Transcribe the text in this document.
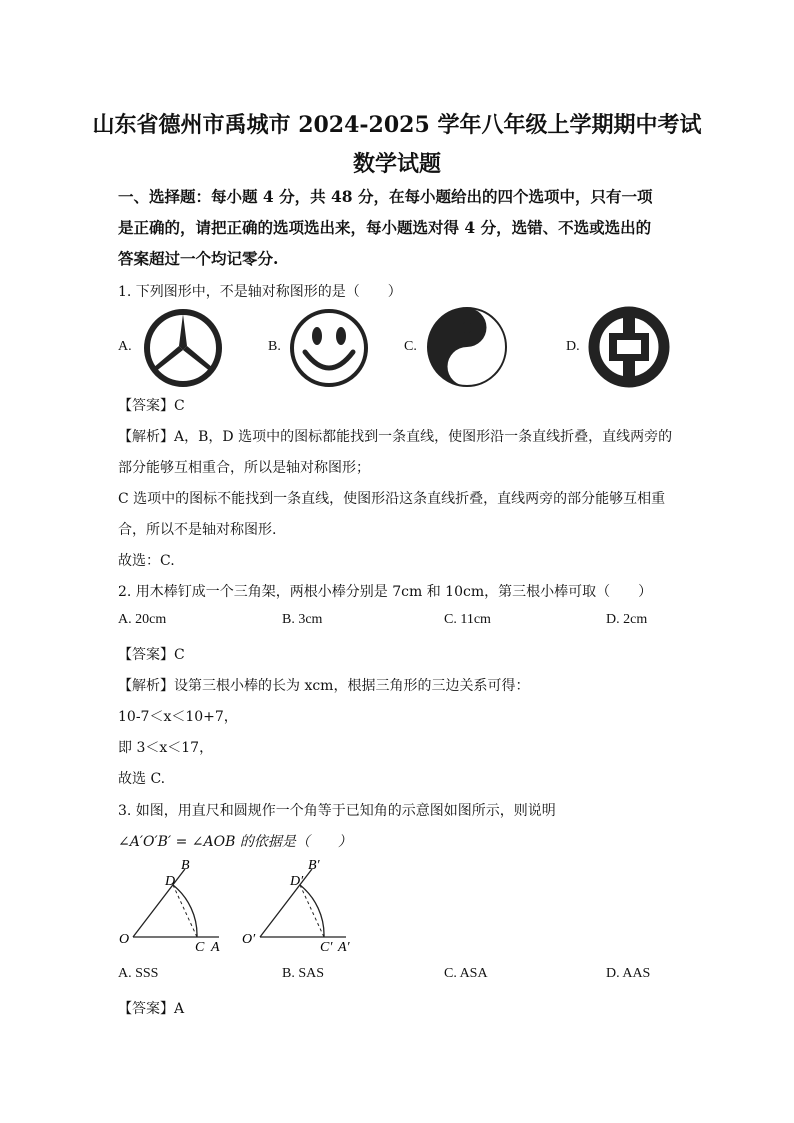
山东省德州市禹城市 2024-2025 学年八年级上学期期中考试
数学试题
一、选择题：每小题 4 分，共 48 分，在每小题给出的四个选项中，只有一项
是正确的，请把正确的选项选出来，每小题选对得 4 分，选错、不选或选出的
答案超过一个均记零分.
1. 下列图形中，不是轴对称图形的是（　　）
A.	B.	C.	D.
【答案】C
【解析】A，B，D 选项中的图标都能找到一条直线，使图形沿一条直线折叠，直线两旁的
部分能够互相重合，所以是轴对称图形；
C 选项中的图标不能找到一条直线，使图形沿这条直线折叠，直线两旁的部分能够互相重
合，所以不是轴对称图形.
故选：C.
2. 用木棒钉成一个三角架，两根小棒分别是 7cm 和 10cm，第三根小棒可取（　　）
A. 20cm	B. 3cm	C. 11cm	D. 2cm
【答案】C
【解析】设第三根小棒的长为 xcm，根据三角形的三边关系可得：
10-7＜x＜10+7，
即 3＜x＜17，
故选 C.
3. 如图，用直尺和圆规作一个角等于已知角的示意图如图所示，则说明
∠A′O′B′ = ∠AOB 的依据是（　　）
B
D
O
C A
B′
D′
O′
C′ A′
A. SSS	B. SAS	C. ASA	D. AAS
【答案】A
